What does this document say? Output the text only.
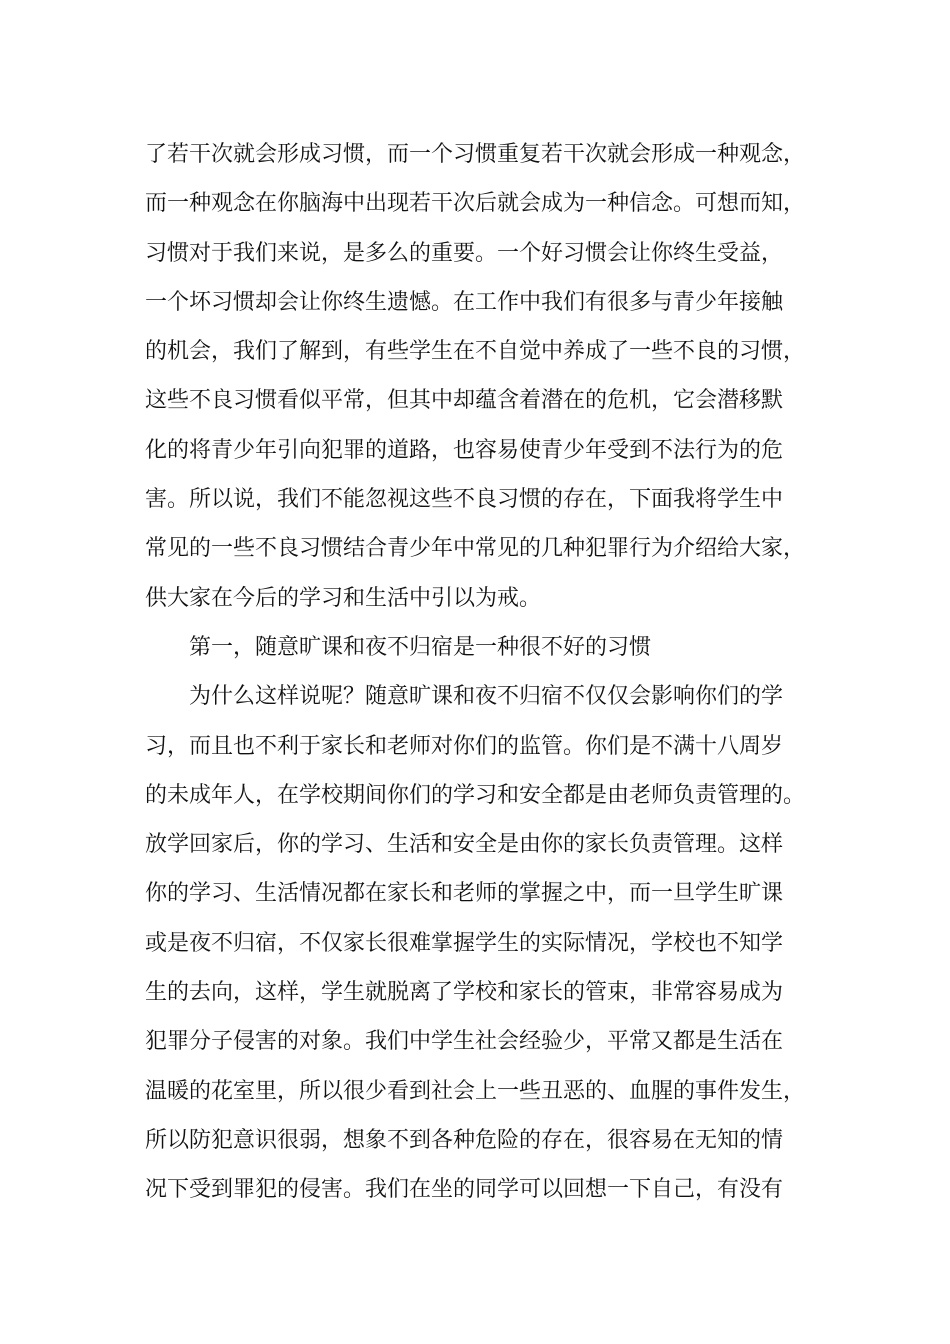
了若干次就会形成习惯，而一个习惯重复若干次就会形成一种观念，
而一种观念在你脑海中出现若干次后就会成为一种信念。可想而知，
习惯对于我们来说，是多么的重要。一个好习惯会让你终生受益，
一个坏习惯却会让你终生遗憾。在工作中我们有很多与青少年接触
的机会，我们了解到，有些学生在不自觉中养成了一些不良的习惯，
这些不良习惯看似平常，但其中却蕴含着潜在的危机，它会潜移默
化的将青少年引向犯罪的道路，也容易使青少年受到不法行为的危
害。所以说，我们不能忽视这些不良习惯的存在，下面我将学生中
常见的一些不良习惯结合青少年中常见的几种犯罪行为介绍给大家，
供大家在今后的学习和生活中引以为戒。
第一，随意旷课和夜不归宿是一种很不好的习惯
为什么这样说呢？随意旷课和夜不归宿不仅仅会影响你们的学
习，而且也不利于家长和老师对你们的监管。你们是不满十八周岁
的未成年人，在学校期间你们的学习和安全都是由老师负责管理的。
放学回家后，你的学习、生活和安全是由你的家长负责管理。这样
你的学习、生活情况都在家长和老师的掌握之中，而一旦学生旷课
或是夜不归宿，不仅家长很难掌握学生的实际情况，学校也不知学
生的去向，这样，学生就脱离了学校和家长的管束，非常容易成为
犯罪分子侵害的对象。我们中学生社会经验少，平常又都是生活在
温暖的花室里，所以很少看到社会上一些丑恶的、血腥的事件发生，
所以防犯意识很弱，想象不到各种危险的存在，很容易在无知的情
况下受到罪犯的侵害。我们在坐的同学可以回想一下自己，有没有
